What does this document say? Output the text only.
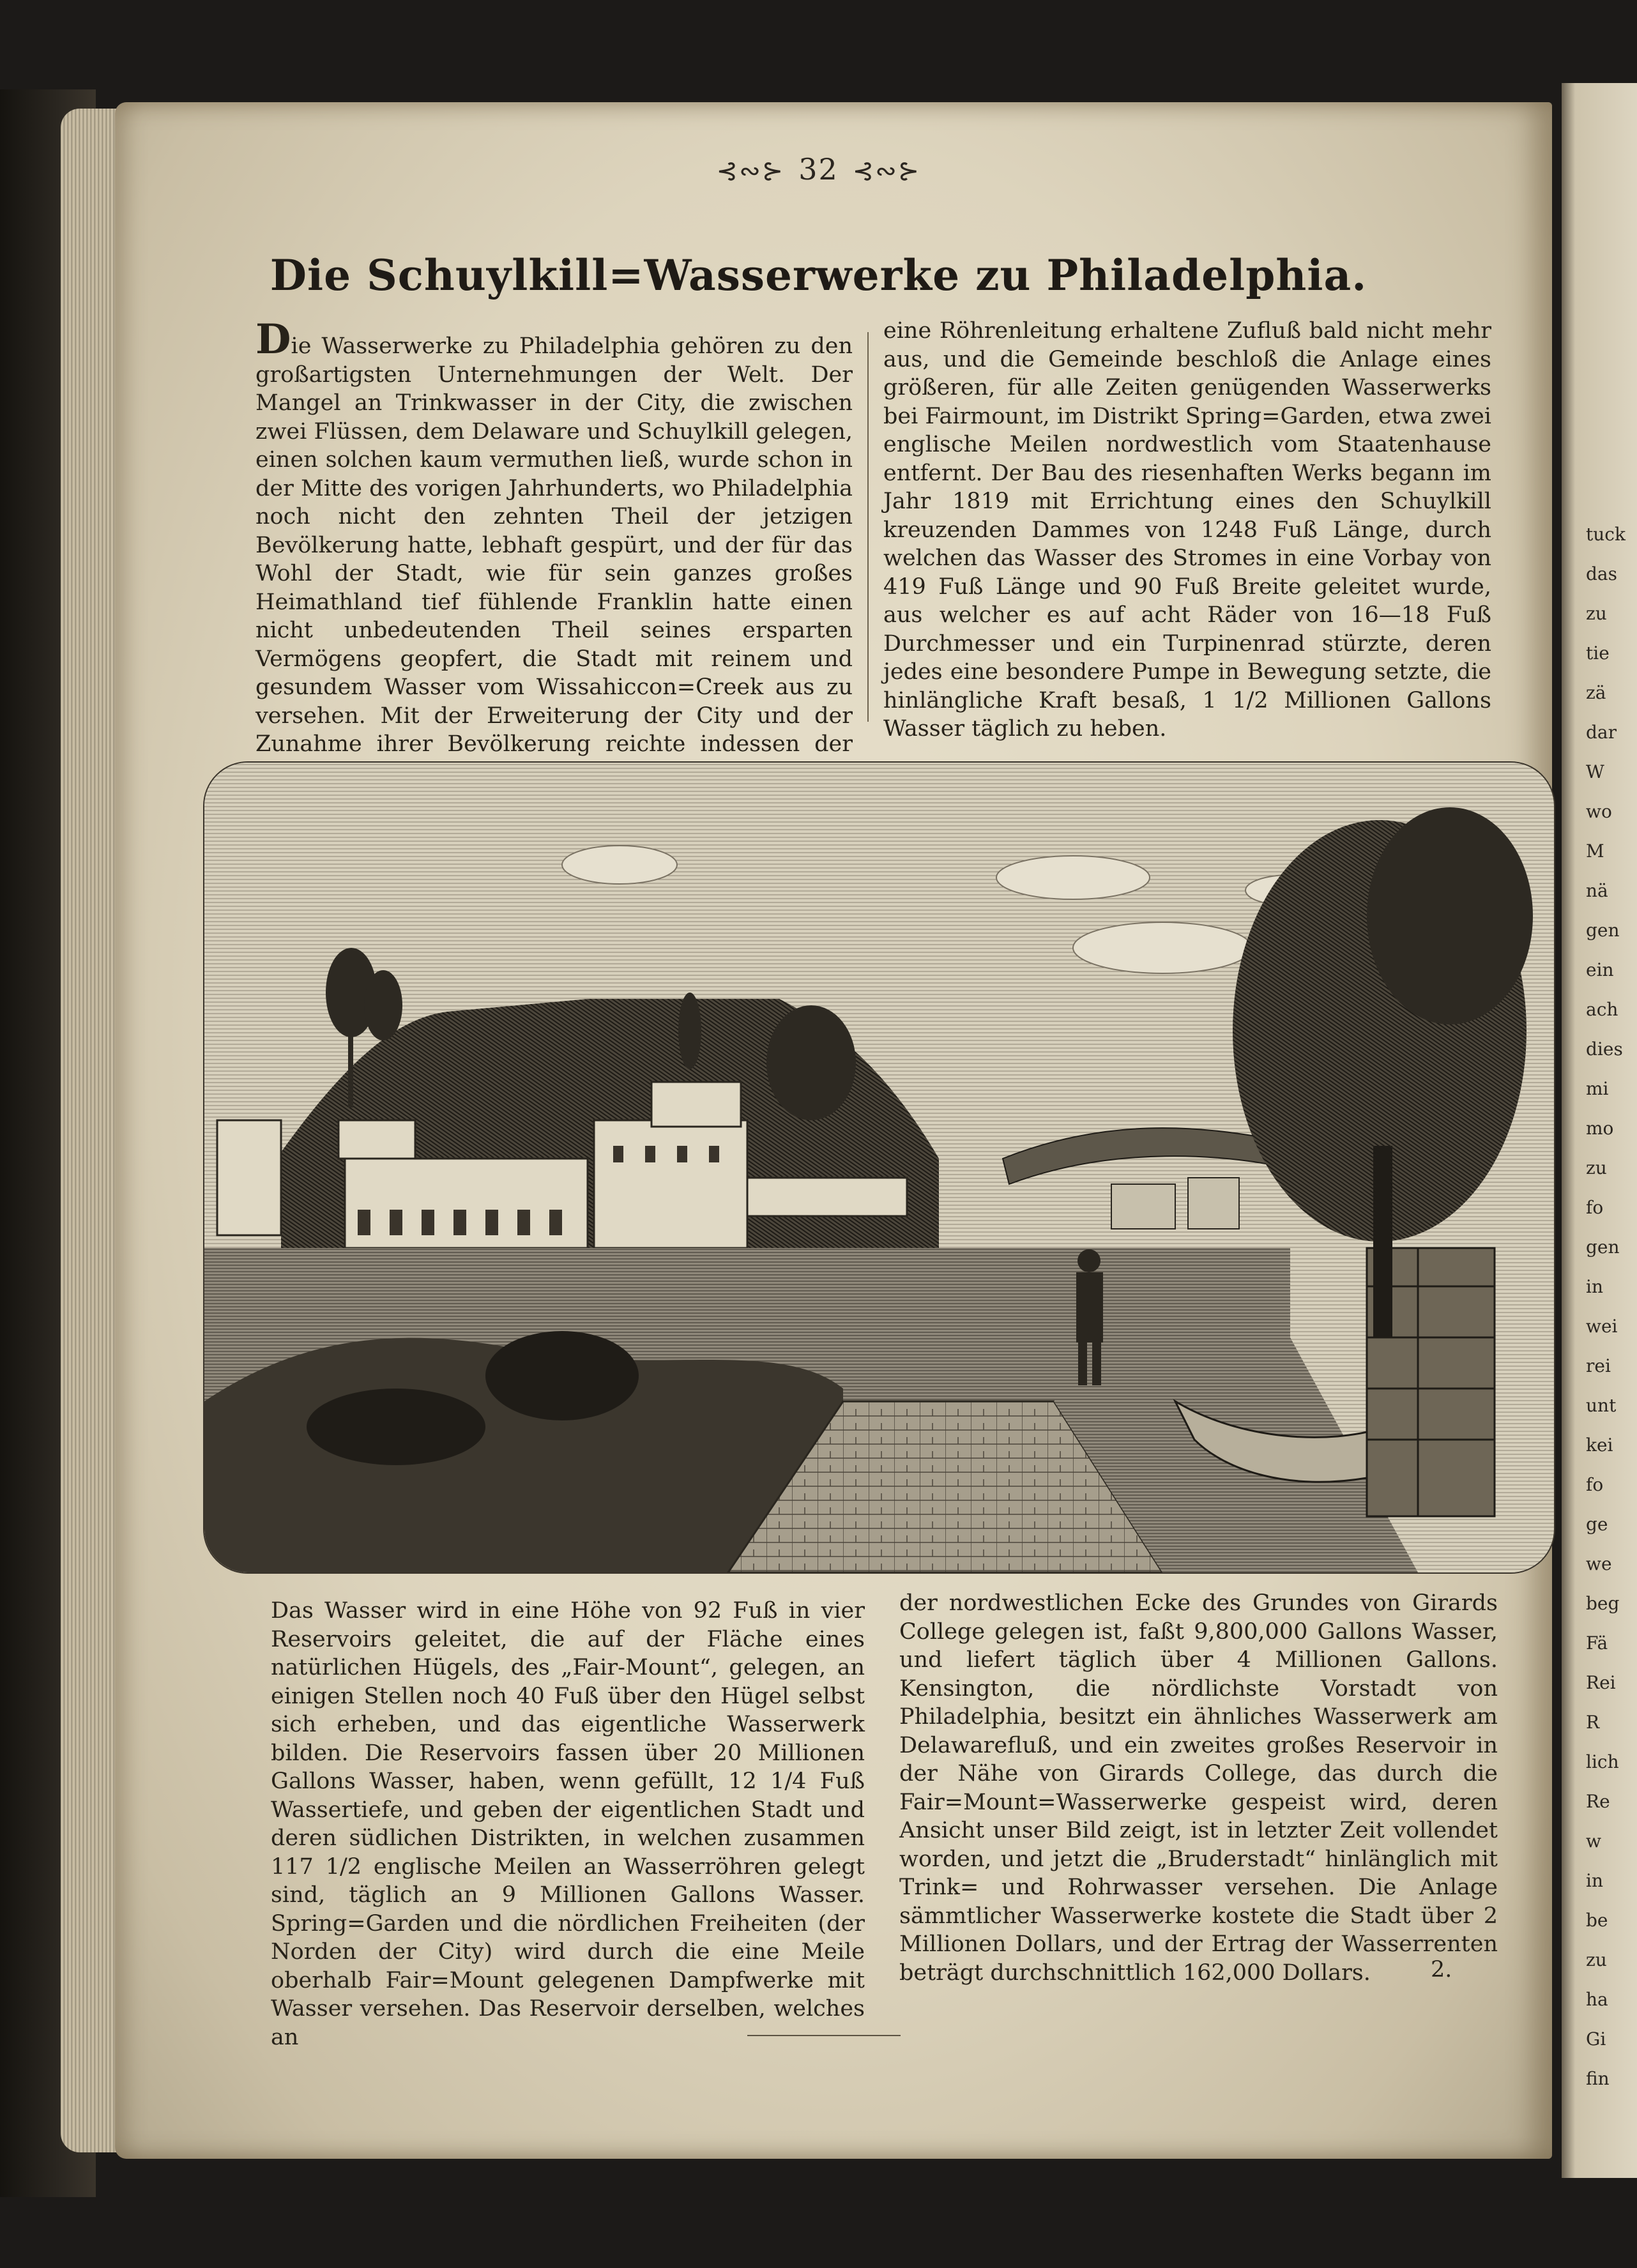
tuck
das
zu
tie
zä
dar
W
wo
M
nä
gen
ein
ach
dies
mi
mo
zu
fo
gen
in
wei
rei
unt
kei
fo
ge
we
beg
Fä
Rei
R
lich
Re
w
in
be
zu
ha
Gi
fin
⊰∾⊱ 32 ⊰∾⊱
Die Schuylkill=Wasserwerke zu Philadelphia.

Die Wasserwerke zu Philadelphia gehören zu den großartigsten Unternehmungen der Welt. Der Mangel an Trinkwasser in der City, die zwischen zwei Flüssen, dem Delaware und Schuylkill gelegen, einen solchen kaum vermuthen ließ, wurde schon in der Mitte des vorigen Jahrhunderts, wo Philadelphia noch nicht den zehnten Theil der jetzigen Bevölkerung hatte, lebhaft gespürt, und der für das Wohl der Stadt, wie für sein ganzes großes Heimathland tief fühlende Franklin hatte einen nicht unbedeutenden Theil seines ersparten Vermögens geopfert, die Stadt mit reinem und gesundem Wasser vom Wissahiccon=Creek aus zu versehen. Mit der Erweiterung der City und der Zunahme ihrer Bevölkerung reichte indessen der

eine Röhrenleitung erhaltene Zufluß bald nicht mehr aus, und die Gemeinde beschloß die Anlage eines größeren, für alle Zeiten genügenden Wasserwerks bei Fairmount, im Distrikt Spring=Garden, etwa zwei englische Meilen nordwestlich vom Staatenhause entfernt. Der Bau des riesenhaften Werks begann im Jahr 1819 mit Errichtung eines den Schuylkill kreuzenden Dammes von 1248 Fuß Länge, durch welchen das Wasser des Stromes in eine Vorbay von 419 Fuß Länge und 90 Fuß Breite geleitet wurde, aus welcher es auf acht Räder von 16—18 Fuß Durchmesser und ein Turpinenrad stürzte, deren jedes eine besondere Pumpe in Bewegung setzte, die hinlängliche Kraft besaß, 1 1/2 Millionen Gallons Wasser täglich zu heben.

Das Wasser wird in eine Höhe von 92 Fuß in vier Reservoirs geleitet, die auf der Fläche eines natürlichen Hügels, des „Fair-Mount“, gelegen, an einigen Stellen noch 40 Fuß über den Hügel selbst sich erheben, und das eigentliche Wasserwerk bilden. Die Reservoirs fassen über 20 Millionen Gallons Wasser, haben, wenn gefüllt, 12 1/4 Fuß Wassertiefe, und geben der eigentlichen Stadt und deren südlichen Distrikten, in welchen zusammen 117 1/2 englische Meilen an Wasserröhren gelegt sind, täglich an 9 Millionen Gallons Wasser. Spring=Garden und die nördlichen Freiheiten (der Norden der City) wird durch die eine Meile oberhalb Fair=Mount gelegenen Dampfwerke mit Wasser versehen. Das Reservoir derselben, welches an

der nordwestlichen Ecke des Grundes von Girards College gelegen ist, faßt 9,800,000 Gallons Wasser, und liefert täglich über 4 Millionen Gallons. Kensington, die nördlichste Vorstadt von Philadelphia, besitzt ein ähnliches Wasserwerk am Delawarefluß, und ein zweites großes Reservoir in der Nähe von Girards College, das durch die Fair=Mount=Wasserwerke gespeist wird, deren Ansicht unser Bild zeigt, ist in letzter Zeit vollendet worden, und jetzt die „Bruderstadt“ hinlänglich mit Trink= und Rohrwasser versehen. Die Anlage sämmtlicher Wasserwerke kostete die Stadt über 2 Millionen Dollars, und der Ertrag der Wasserrenten beträgt durchschnittlich 162,000 Dollars.	2.
